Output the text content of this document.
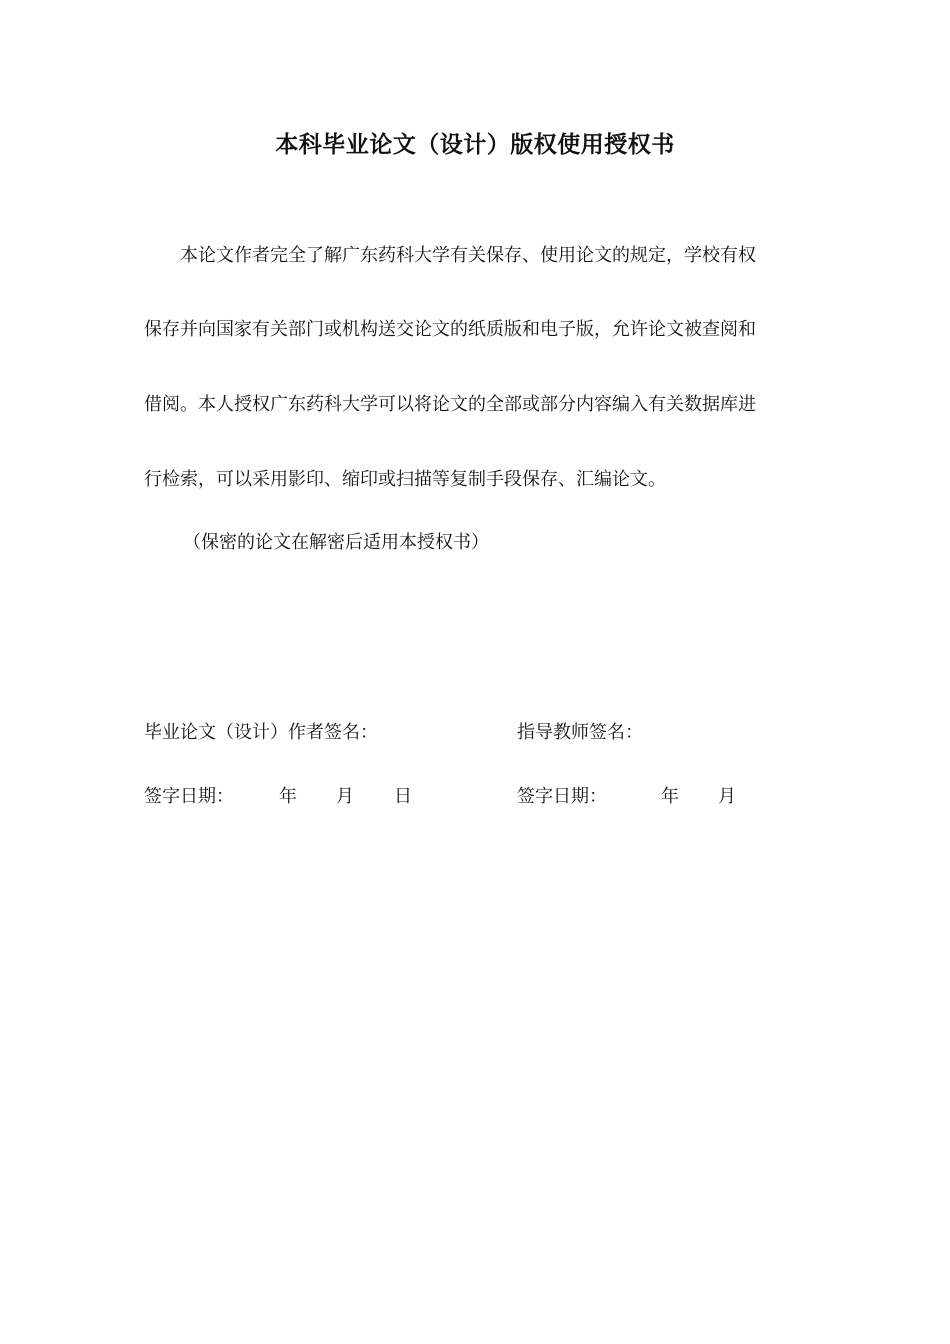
本科毕业论文（设计）版权使用授权书
本论文作者完全了解广东药科大学有关保存、使用论文的规定，学校有权
保存并向国家有关部门或机构送交论文的纸质版和电子版，允许论文被查阅和
借阅。本人授权广东药科大学可以将论文的全部或部分内容编入有关数据库进
行检索，可以采用影印、缩印或扫描等复制手段保存、汇编论文。
（保密的论文在解密后适用本授权书）
毕业论文（设计）作者签名：	指导教师签名：
签字日期：	年 月 日	签字日期：	年 月
